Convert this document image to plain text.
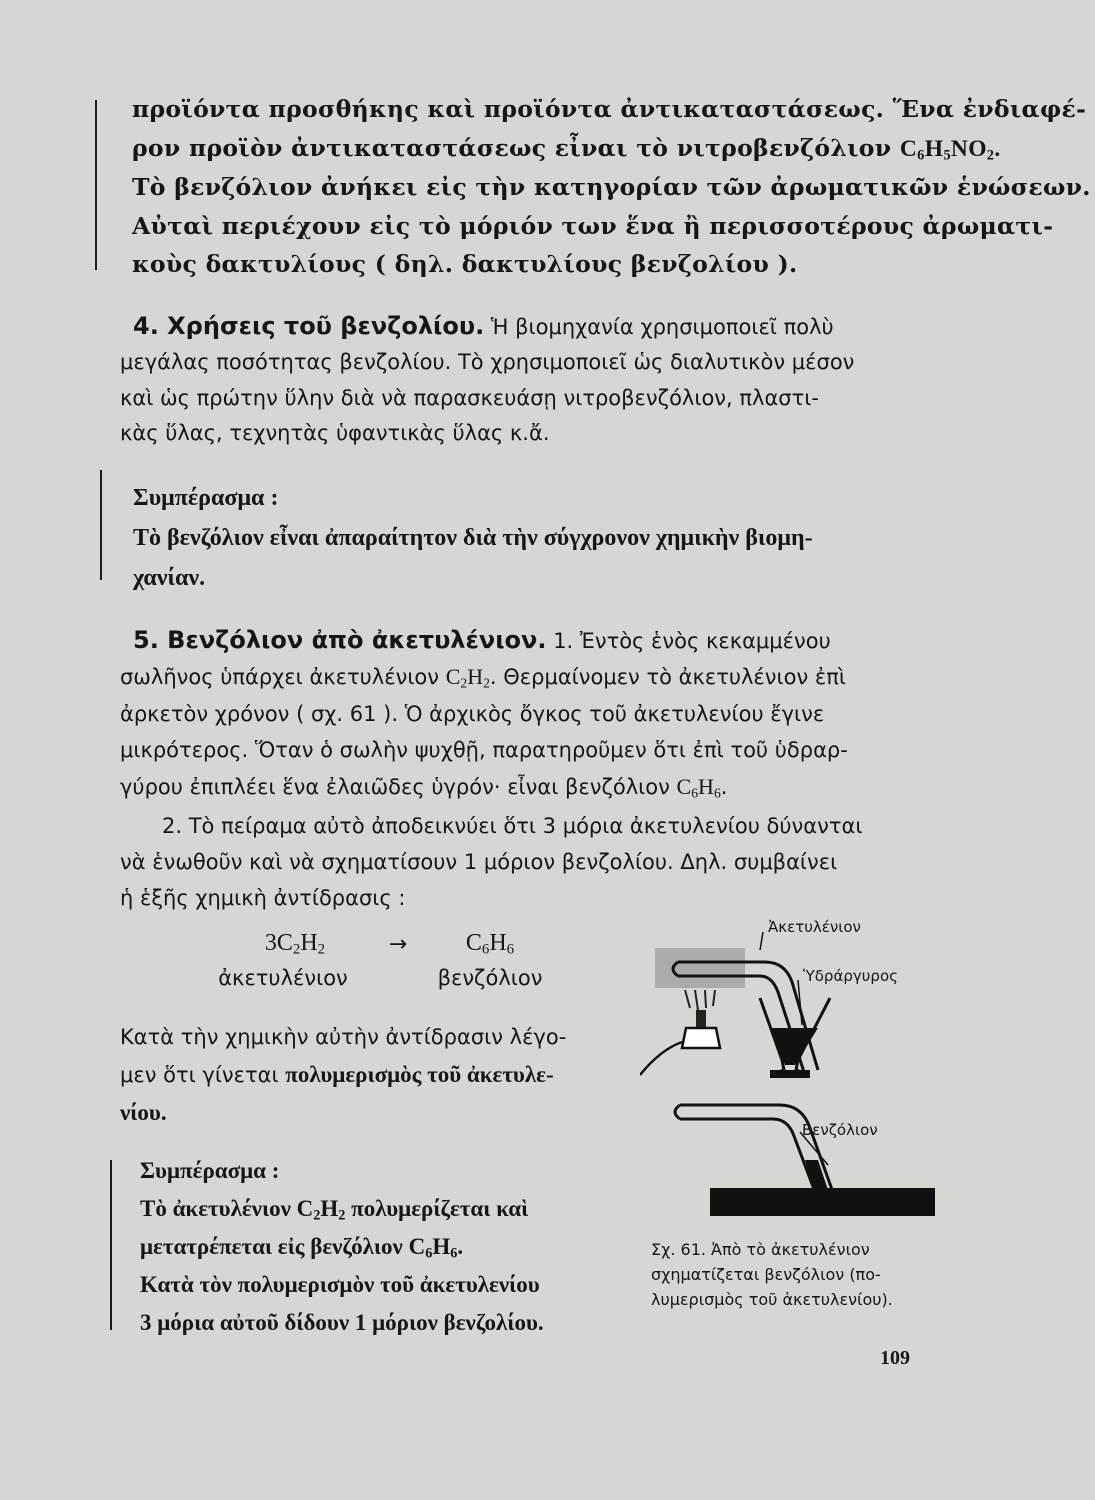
προϊόντα προσθήκης καὶ προϊόντα ἀντικαταστάσεως. Ἕνα ἐνδιαφέ-
ρον προϊὸν ἀντικαταστάσεως εἶναι τὸ νιτροβενζόλιον $C_6H_5NO_2$.
Τὸ βενζόλιον ἀνήκει εἰς τὴν κατηγορίαν τῶν ἀρωματικῶν ἑνώσεων.
Αὐταὶ περιέχουν εἰς τὸ μόριόν των ἕνα ἢ περισσοτέρους ἀρωματι-
κοὺς δακτυλίους ( δηλ. δακτυλίους βενζολίου ).
4. Χρήσεις τοῦ βενζολίου. Ἡ βιομηχανία χρησιμοποιεῖ πολὺ
μεγάλας ποσότητας βενζολίου. Τὸ χρησιμοποιεῖ ὡς διαλυτικὸν μέσον
καὶ ὡς πρώτην ὕλην διὰ νὰ παρασκευάσῃ νιτροβενζόλιον, πλαστι-
κὰς ὕλας, τεχνητὰς ὑφαντικὰς ὕλας κ.ἄ.
Συμπέρασμα :
Τὸ βενζόλιον εἶναι ἀπαραίτητον διὰ τὴν σύγχρονον χημικὴν βιομη-
χανίαν.
5. Βενζόλιον ἀπὸ ἀκετυλένιον. 1. Ἐντὸς ἑνὸς κεκαμμένου
σωλῆνος ὑπάρχει ἀκετυλένιον $C_2H_2$. Θερμαίνομεν τὸ ἀκετυλένιον ἐπὶ
ἀρκετὸν χρόνον ( σχ. 61 ). Ὁ ἀρχικὸς ὄγκος τοῦ ἀκετυλενίου ἔγινε
μικρότερος. Ὅταν ὁ σωλὴν ψυχθῇ, παρατηροῦμεν ὅτι ἐπὶ τοῦ ὑδραρ-
γύρου ἐπιπλέει ἕνα ἐλαιῶδες ὑγρόν· εἶναι βενζόλιον $C_6H_6$.
2. Τὸ πείραμα αὐτὸ ἀποδεικνύει ὅτι 3 μόρια ἀκετυλενίου δύνανται
νὰ ἑνωθοῦν καὶ νὰ σχηματίσουν 1 μόριον βενζολίου. Δηλ. συμβαίνει
ἡ ἑξῆς χημικὴ ἀντίδρασις :
$3C_2H_2$	→	$C_6H_6$
ἀκετυλένιον	βενζόλιον
Κατὰ τὴν χημικὴν αὐτὴν ἀντίδρασιν λέγο-
μεν ὅτι γίνεται πολυμερισμὸς τοῦ ἀκετυλε-
νίου.
Συμπέρασμα :
Τὸ ἀκετυλένιον $C_2H_2$ πολυμερίζεται καὶ
μετατρέπεται εἰς βενζόλιον $C_6H_6$.
Κατὰ τὸν πολυμερισμὸν τοῦ ἀκετυλενίου
3 μόρια αὐτοῦ δίδουν 1 μόριον βενζολίου.
Ἀκετυλένιον
Ὑδράργυρος
Βενζόλιον
Σχ. 61. Ἀπὸ τὸ ἀκετυλένιον
σχηματίζεται βενζόλιον (πο-
λυμερισμὸς τοῦ ἀκετυλενίου).
109
